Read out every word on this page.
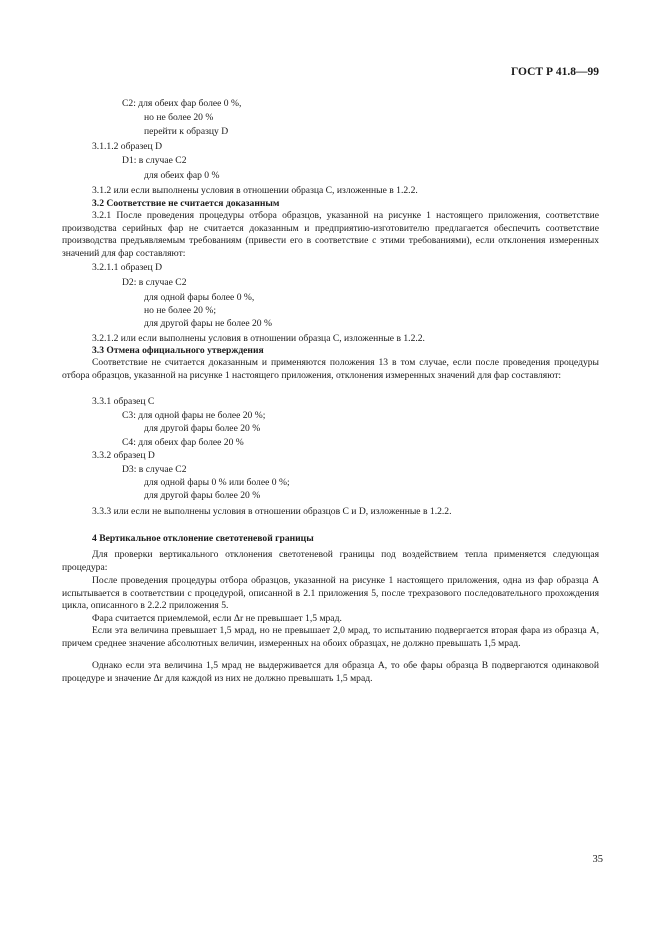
ГОСТ Р 41.8—99
C2: для обеих фар более 0 %,
но не более 20 %
перейти к образцу D
3.1.1.2 образец D
D1: в случае C2
для обеих фар 0 %
3.1.2 или если выполнены условия в отношении образца С, изложенные в 1.2.2.
3.2 Соответствие не считается доказанным
3.2.1 После проведения процедуры отбора образцов, указанной на рисунке 1 настоящего приложения, соответствие производства серийных фар не считается доказанным и предприятию-изготовителю предлагается обеспечить соответствие производства предъявляемым требованиям (привести его в соответствие с этими требованиями), если отклонения измеренных значений для фар составляют:
3.2.1.1 образец D
D2: в случае C2
для одной фары более 0 %,
но не более 20 %;
для другой фары не более 20 %
3.2.1.2 или если выполнены условия в отношении образца С, изложенные в 1.2.2.
3.3 Отмена официального утверждения
Соответствие не считается доказанным и применяются положения 13 в том случае, если после проведения процедуры отбора образцов, указанной на рисунке 1 настоящего приложения, отклонения измеренных значений для фар составляют:
3.3.1 образец С
C3: для одной фары не более 20 %;
для другой фары более 20 %
C4: для обеих фар более 20 %
3.3.2 образец D
D3: в случае C2
для одной фары 0 % или более 0 %;
для другой фары более 20 %
3.3.3 или если не выполнены условия в отношении образцов С и D, изложенные в 1.2.2.
4 Вертикальное отклонение светотеневой границы
Для проверки вертикального отклонения светотеневой границы под воздействием тепла применяется следующая процедура:
После проведения процедуры отбора образцов, указанной на рисунке 1 настоящего приложения, одна из фар образца А испытывается в соответствии с процедурой, описанной в 2.1 приложения 5, после трехразового последовательного прохождения цикла, описанного в 2.2.2 приложения 5.
Фара считается приемлемой, если Δr не превышает 1,5 мрад.
Если эта величина превышает 1,5 мрад, но не превышает 2,0 мрад, то испытанию подвергается вторая фара из образца А, причем среднее значение абсолютных величин, измеренных на обоих образцах, не должно превышать 1,5 мрад.
Однако если эта величина 1,5 мрад не выдерживается для образца А, то обе фары образца В подвергаются одинаковой процедуре и значение Δr для каждой из них не должно превышать 1,5 мрад.
35
